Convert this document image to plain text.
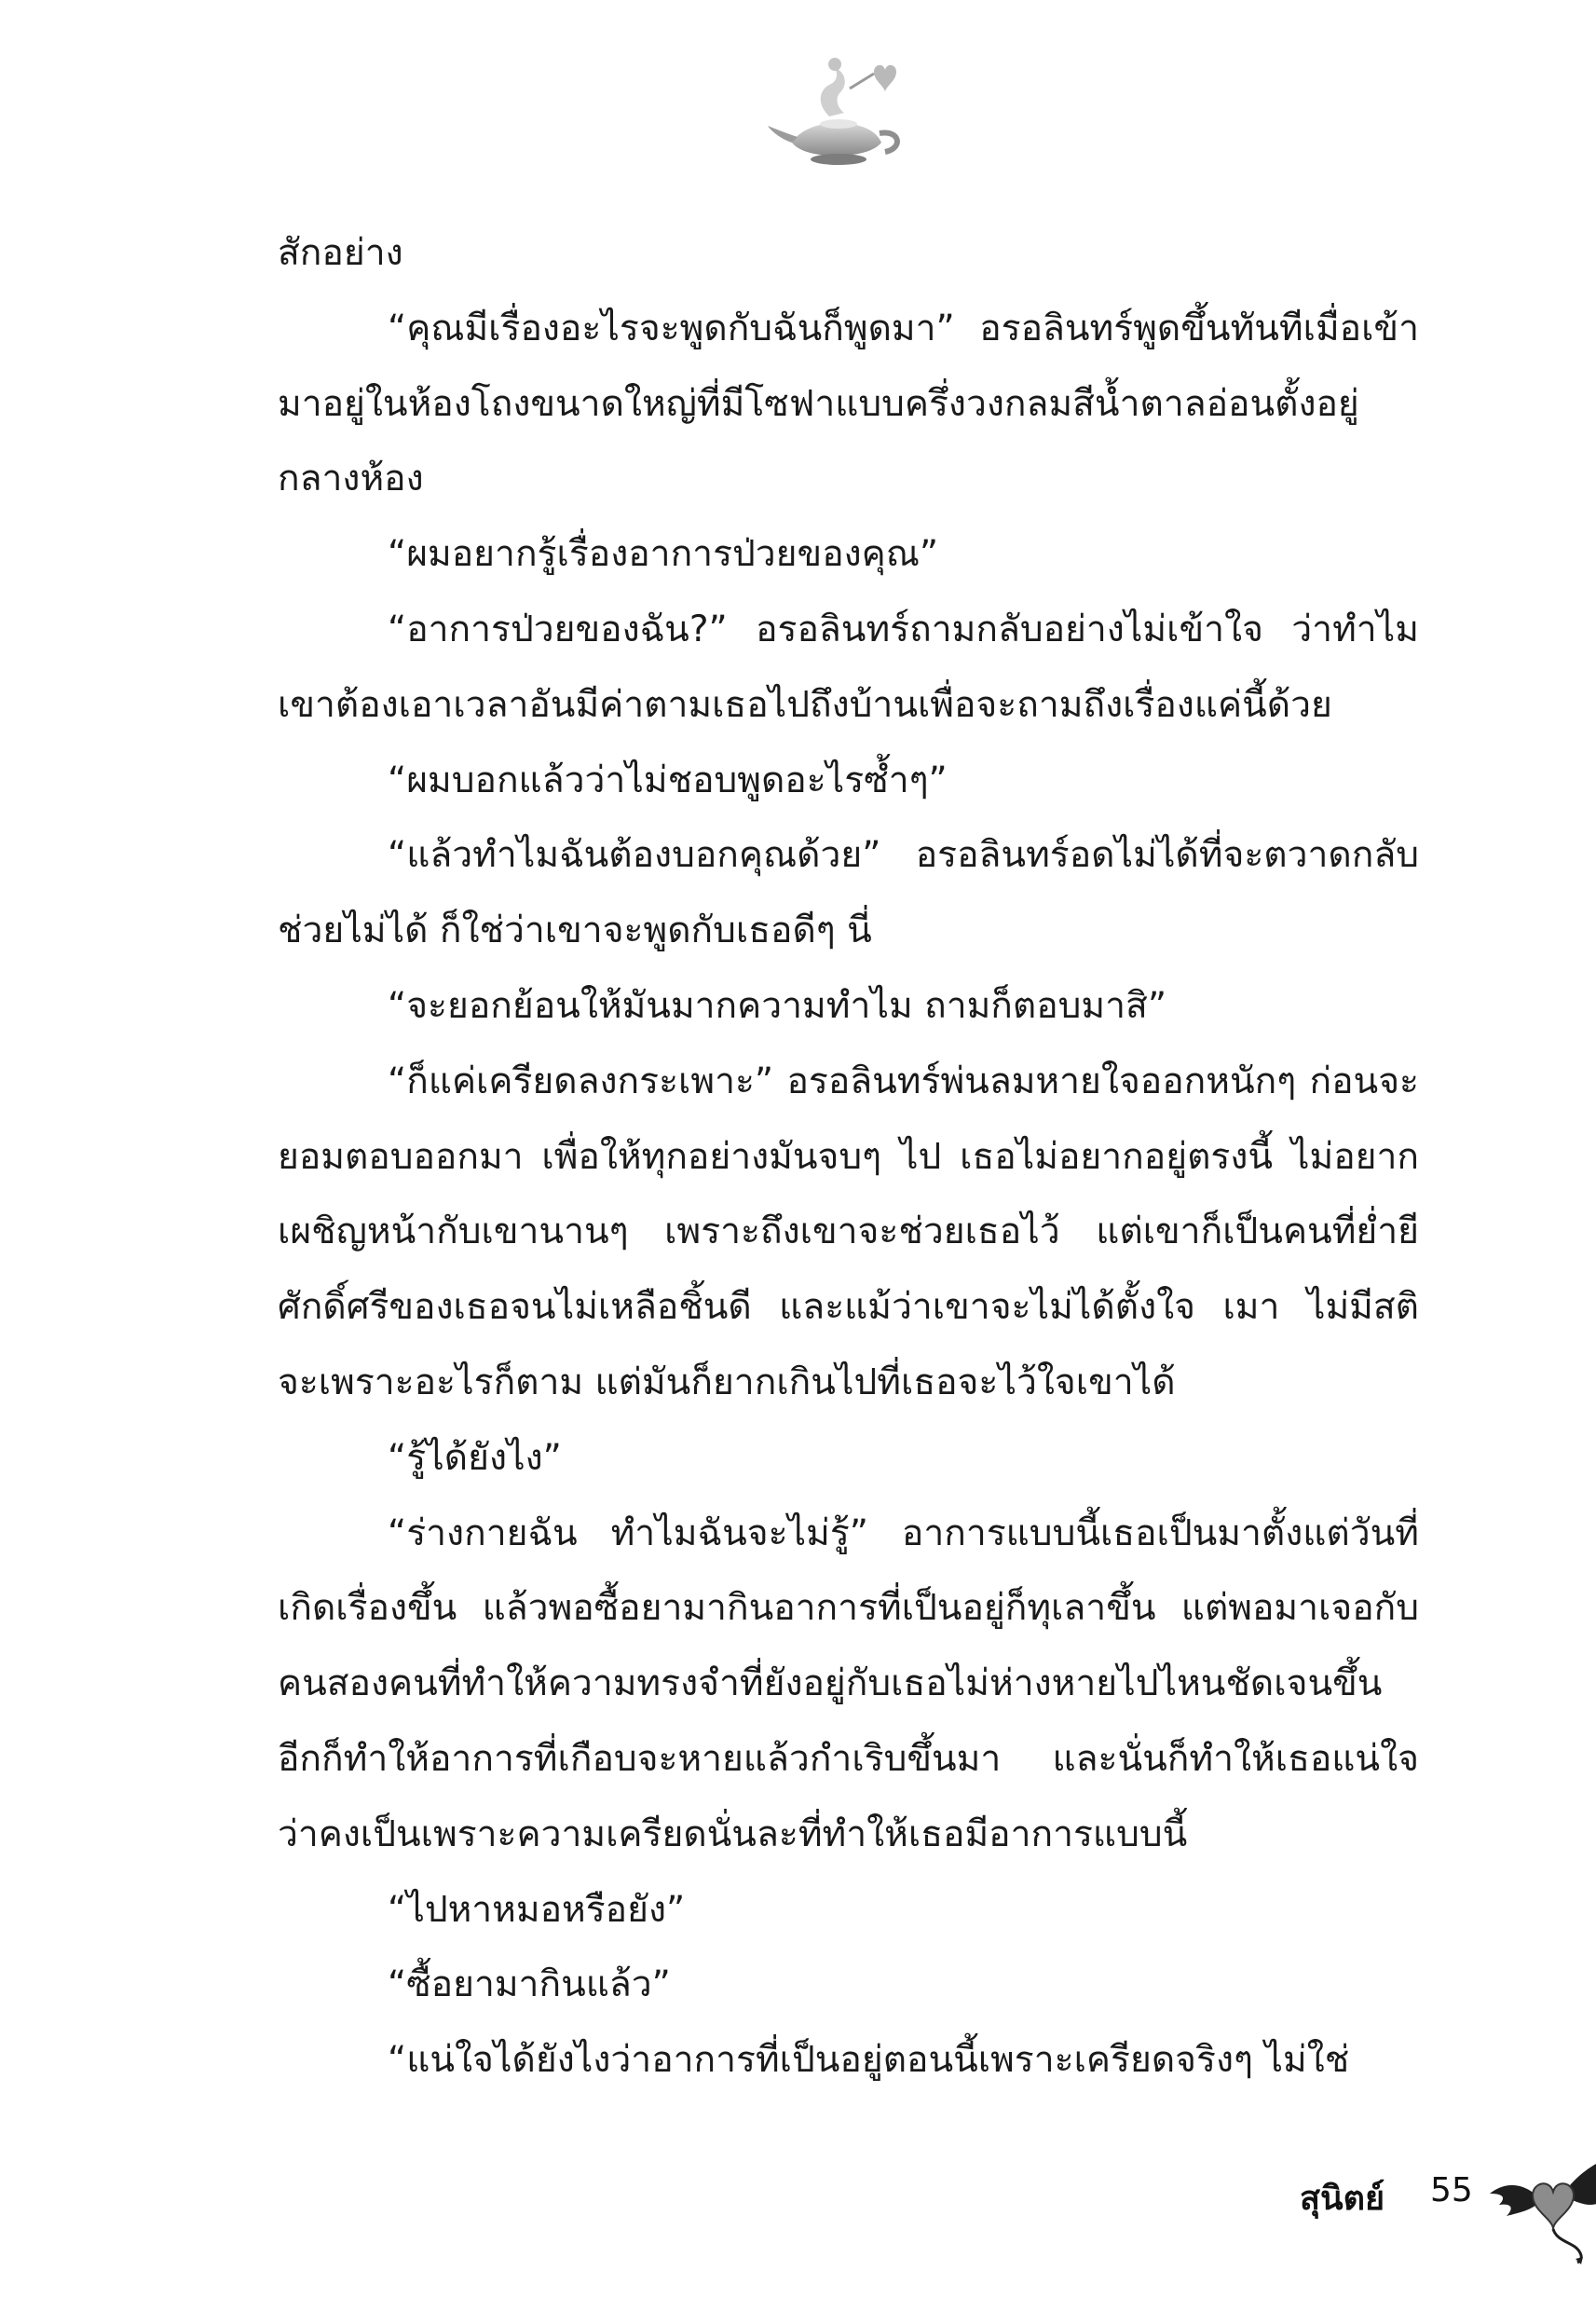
สักอย่าง

“คุณมีเรื่องอะไรจะพูดกับฉันก็พูดมา” อรอลินทร์พูดขึ้นทันทีเมื่อเข้ามาอยู่ในห้องโถงขนาดใหญ่ที่มีโซฟาแบบครึ่งวงกลมสีน้ำตาลอ่อนตั้งอยู่กลางห้อง

“ผมอยากรู้เรื่องอาการป่วยของคุณ”

“อาการป่วยของฉัน?” อรอลินทร์ถามกลับอย่างไม่เข้าใจ ว่าทำไมเขาต้องเอาเวลาอันมีค่าตามเธอไปถึงบ้านเพื่อจะถามถึงเรื่องแค่นี้ด้วย

“ผมบอกแล้วว่าไม่ชอบพูดอะไรซ้ำๆ”

“แล้วทำไมฉันต้องบอกคุณด้วย” อรอลินทร์อดไม่ได้ที่จะตวาดกลับ ช่วยไม่ได้ ก็ใช่ว่าเขาจะพูดกับเธอดีๆ นี่

“จะยอกย้อนให้มันมากความทำไม ถามก็ตอบมาสิ”

“ก็แค่เครียดลงกระเพาะ” อรอลินทร์พ่นลมหายใจออกหนักๆ ก่อนจะยอมตอบออกมา เพื่อให้ทุกอย่างมันจบๆ ไป เธอไม่อยากอยู่ตรงนี้ ไม่อยากเผชิญหน้ากับเขานานๆ เพราะถึงเขาจะช่วยเธอไว้ แต่เขาก็เป็นคนที่ย่ำยีศักดิ์ศรีของเธอจนไม่เหลือชิ้นดี และแม้ว่าเขาจะไม่ได้ตั้งใจ เมา ไม่มีสติ จะเพราะอะไรก็ตาม แต่มันก็ยากเกินไปที่เธอจะไว้ใจเขาได้

“รู้ได้ยังไง”

“ร่างกายฉัน ทำไมฉันจะไม่รู้” อาการแบบนี้เธอเป็นมาตั้งแต่วันที่เกิดเรื่องขึ้น แล้วพอซื้อยามากินอาการที่เป็นอยู่ก็ทุเลาขึ้น แต่พอมาเจอกับคนสองคนที่ทำให้ความทรงจำที่ยังอยู่กับเธอไม่ห่างหายไปไหนชัดเจนขึ้นอีกก็ทำให้อาการที่เกือบจะหายแล้วกำเริบขึ้นมา และนั่นก็ทำให้เธอแน่ใจว่าคงเป็นเพราะความเครียดนั่นละที่ทำให้เธอมีอาการแบบนี้

“ไปหาหมอหรือยัง”

“ซื้อยามากินแล้ว”

“แน่ใจได้ยังไงว่าอาการที่เป็นอยู่ตอนนี้เพราะเครียดจริงๆ ไม่ใช่

สุนิตย์ 55
